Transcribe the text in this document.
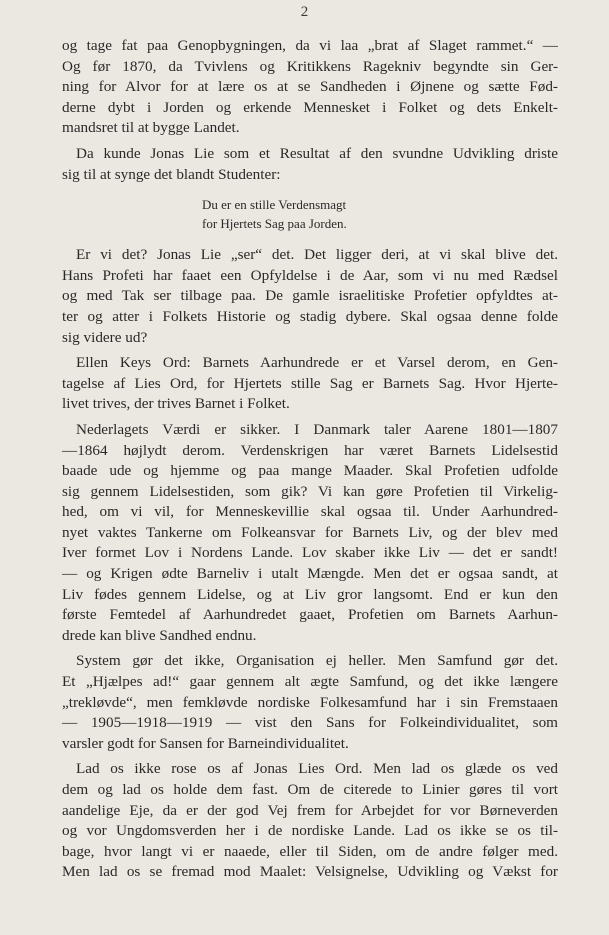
2
og tage fat paa Genopbygningen, da vi laa „brat af Slaget rammet.“ —
Og før 1870, da Tvivlens og Kritikkens Ragekniv begyndte sin Ger-
ning for Alvor for at lære os at se Sandheden i Øjnene og sætte Fød-
derne dybt i Jorden og erkende Mennesket i Folket og dets Enkelt-
mandsret til at bygge Landet.
Da kunde Jonas Lie som et Resultat af den svundne Udvikling driste
sig til at synge det blandt Studenter:
Du er en stille Verdensmagt
for Hjertets Sag paa Jorden.
Er vi det? Jonas Lie „ser“ det. Det ligger deri, at vi skal blive det.
Hans Profeti har faaet een Opfyldelse i de Aar, som vi nu med Rædsel
og med Tak ser tilbage paa. De gamle israelitiske Profetier opfyldtes at-
ter og atter i Folkets Historie og stadig dybere. Skal ogsaa denne folde
sig videre ud?
Ellen Keys Ord: Barnets Aarhundrede er et Varsel derom, en Gen-
tagelse af Lies Ord, for Hjertets stille Sag er Barnets Sag. Hvor Hjerte-
livet trives, der trives Barnet i Folket.
Nederlagets Værdi er sikker. I Danmark taler Aarene 1801—1807
—1864 højlydt derom. Verdenskrigen har været Barnets Lidelsestid
baade ude og hjemme og paa mange Maader. Skal Profetien udfolde
sig gennem Lidelsestiden, som gik? Vi kan gøre Profetien til Virkelig-
hed, om vi vil, for Menneskevillie skal ogsaa til. Under Aarhundred-
nyet vaktes Tankerne om Folkeansvar for Barnets Liv, og der blev med
Iver formet Lov i Nordens Lande. Lov skaber ikke Liv — det er sandt!
— og Krigen ødte Barneliv i utalt Mængde. Men det er ogsaa sandt, at
Liv fødes gennem Lidelse, og at Liv gror langsomt. End er kun den
første Femtedel af Aarhundredet gaaet, Profetien om Barnets Aarhun-
drede kan blive Sandhed endnu.
System gør det ikke, Organisation ej heller. Men Samfund gør det.
Et „Hjælpes ad!“ gaar gennem alt ægte Samfund, og det ikke længere
„trekløvde“, men femkløvde nordiske Folkesamfund har i sin Fremstaaen
— 1905—1918—1919 — vist den Sans for Folkeindividualitet, som
varsler godt for Sansen for Barneindividualitet.
Lad os ikke rose os af Jonas Lies Ord. Men lad os glæde os ved
dem og lad os holde dem fast. Om de citerede to Linier gøres til vort
aandelige Eje, da er der god Vej frem for Arbejdet for vor Børneverden
og vor Ungdomsverden her i de nordiske Lande. Lad os ikke se os til-
bage, hvor langt vi er naaede, eller til Siden, om de andre følger med.
Men lad os se fremad mod Maalet: Velsignelse, Udvikling og Vækst for
